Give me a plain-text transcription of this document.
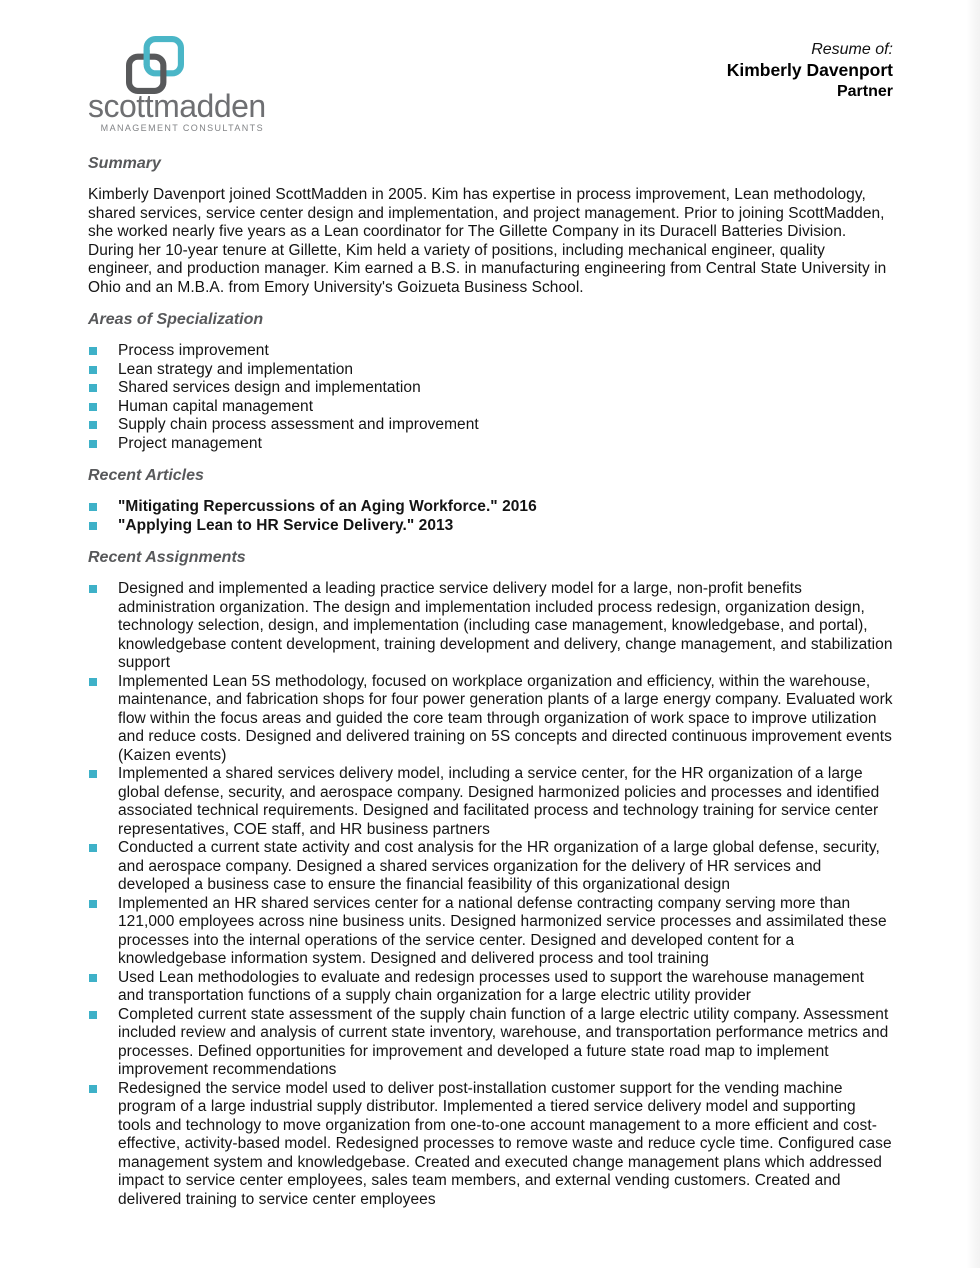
scottmadden
MANAGEMENT CONSULTANTS
Resume of:
Kimberly Davenport
Partner
Summary

Kimberly Davenport joined ScottMadden in 2005. Kim has expertise in process improvement, Lean methodology, shared services, service center design and implementation, and project management. Prior to joining ScottMadden, she worked nearly five years as a Lean coordinator for The Gillette Company in its Duracell Batteries Division. During her 10-year tenure at Gillette, Kim held a variety of positions, including mechanical engineer, quality engineer, and production manager. Kim earned a B.S. in manufacturing engineering from Central State University in Ohio and an M.B.A. from Emory University's Goizueta Business School.

Areas of Specialization
Process improvement
Lean strategy and implementation
Shared services design and implementation
Human capital management
Supply chain process assessment and improvement
Project management
Recent Articles
"Mitigating Repercussions of an Aging Workforce." 2016
"Applying Lean to HR Service Delivery." 2013
Recent Assignments
Designed and implemented a leading practice service delivery model for a large, non-profit benefits administration organization. The design and implementation included process redesign, organization design, technology selection, design, and implementation (including case management, knowledgebase, and portal), knowledgebase content development, training development and delivery, change management, and stabilization support
Implemented Lean 5S methodology, focused on workplace organization and efficiency, within the warehouse, maintenance, and fabrication shops for four power generation plants of a large energy company. Evaluated work flow within the focus areas and guided the core team through organization of work space to improve utilization and reduce costs. Designed and delivered training on 5S concepts and directed continuous improvement events (Kaizen events)
Implemented a shared services delivery model, including a service center, for the HR organization of a large global defense, security, and aerospace company. Designed harmonized policies and processes and identified associated technical requirements. Designed and facilitated process and technology training for service center representatives, COE staff, and HR business partners
Conducted a current state activity and cost analysis for the HR organization of a large global defense, security, and aerospace company. Designed a shared services organization for the delivery of HR services and developed a business case to ensure the financial feasibility of this organizational design
Implemented an HR shared services center for a national defense contracting company serving more than 121,000 employees across nine business units. Designed harmonized service processes and assimilated these processes into the internal operations of the service center. Designed and developed content for a knowledgebase information system. Designed and delivered process and tool training
Used Lean methodologies to evaluate and redesign processes used to support the warehouse management and transportation functions of a supply chain organization for a large electric utility provider
Completed current state assessment of the supply chain function of a large electric utility company. Assessment included review and analysis of current state inventory, warehouse, and transportation performance metrics and processes. Defined opportunities for improvement and developed a future state road map to implement improvement recommendations
Redesigned the service model used to deliver post-installation customer support for the vending machine program of a large industrial supply distributor. Implemented a tiered service delivery model and supporting tools and technology to move organization from one-to-one account management to a more efficient and cost-effective, activity-based model. Redesigned processes to remove waste and reduce cycle time. Configured case management system and knowledgebase. Created and executed change management plans which addressed impact to service center employees, sales team members, and external vending customers. Created and delivered training to service center employees
